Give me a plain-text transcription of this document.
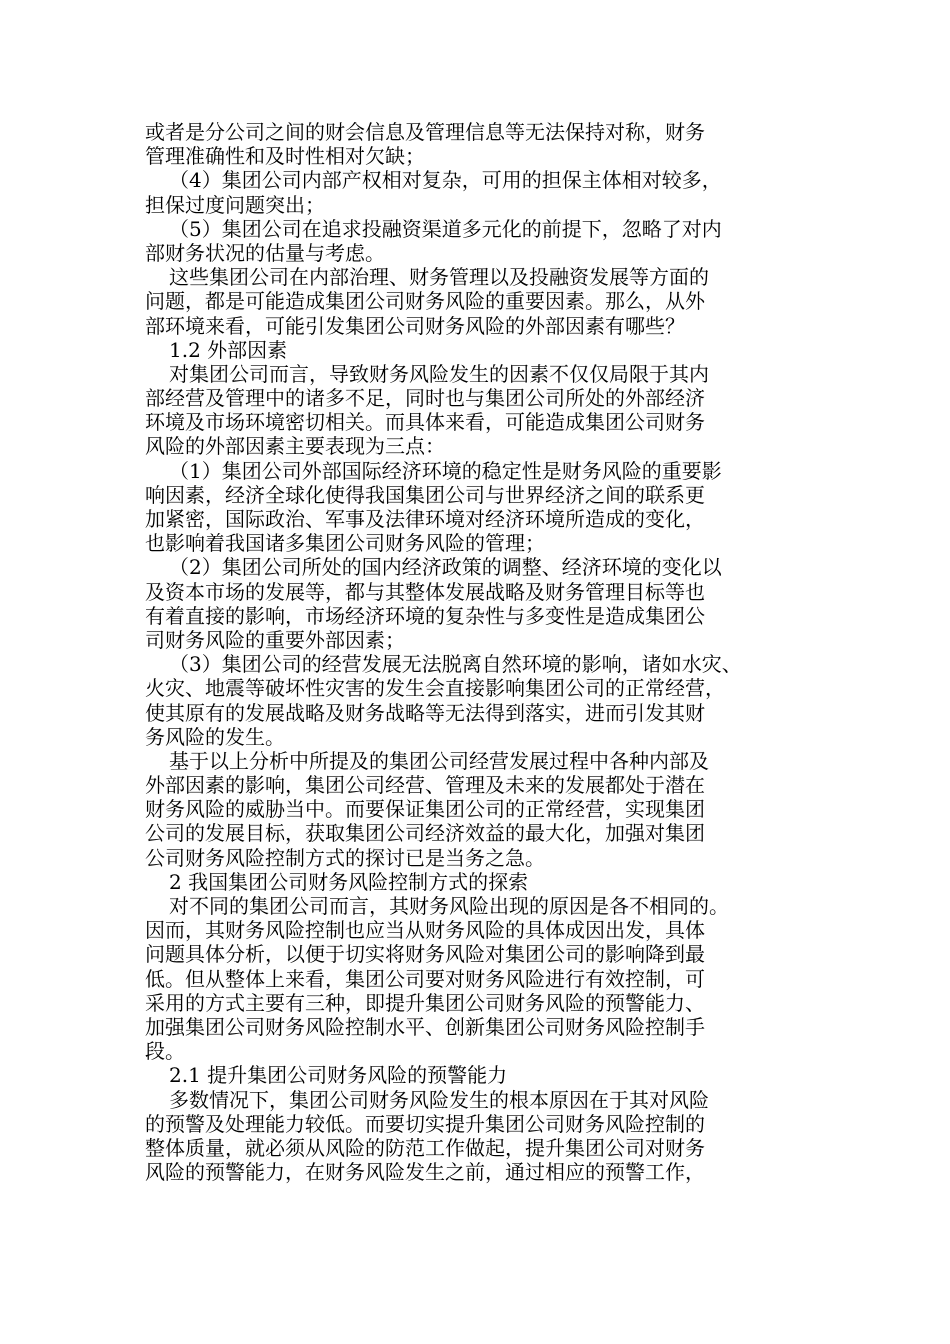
或者是分公司之间的财会信息及管理信息等无法保持对称，财务
管理准确性和及时性相对欠缺；
（4）集团公司内部产权相对复杂，可用的担保主体相对较多，
担保过度问题突出；
（5）集团公司在追求投融资渠道多元化的前提下，忽略了对内
部财务状况的估量与考虑。
这些集团公司在内部治理、财务管理以及投融资发展等方面的
问题，都是可能造成集团公司财务风险的重要因素。那么，从外
部环境来看，可能引发集团公司财务风险的外部因素有哪些？
1.2 外部因素
对集团公司而言，导致财务风险发生的因素不仅仅局限于其内
部经营及管理中的诸多不足，同时也与集团公司所处的外部经济
环境及市场环境密切相关。而具体来看，可能造成集团公司财务
风险的外部因素主要表现为三点：
（1）集团公司外部国际经济环境的稳定性是财务风险的重要影
响因素，经济全球化使得我国集团公司与世界经济之间的联系更
加紧密，国际政治、军事及法律环境对经济环境所造成的变化，
也影响着我国诸多集团公司财务风险的管理；
（2）集团公司所处的国内经济政策的调整、经济环境的变化以
及资本市场的发展等，都与其整体发展战略及财务管理目标等也
有着直接的影响，市场经济环境的复杂性与多变性是造成集团公
司财务风险的重要外部因素；
（3）集团公司的经营发展无法脱离自然环境的影响，诸如水灾、
火灾、地震等破坏性灾害的发生会直接影响集团公司的正常经营，
使其原有的发展战略及财务战略等无法得到落实，进而引发其财
务风险的发生。
基于以上分析中所提及的集团公司经营发展过程中各种内部及
外部因素的影响，集团公司经营、管理及未来的发展都处于潜在
财务风险的威胁当中。而要保证集团公司的正常经营，实现集团
公司的发展目标，获取集团公司经济效益的最大化，加强对集团
公司财务风险控制方式的探讨已是当务之急。
2 我国集团公司财务风险控制方式的探索
对不同的集团公司而言，其财务风险出现的原因是各不相同的。
因而，其财务风险控制也应当从财务风险的具体成因出发，具体
问题具体分析，以便于切实将财务风险对集团公司的影响降到最
低。但从整体上来看，集团公司要对财务风险进行有效控制，可
采用的方式主要有三种，即提升集团公司财务风险的预警能力、
加强集团公司财务风险控制水平、创新集团公司财务风险控制手
段。
2.1 提升集团公司财务风险的预警能力
多数情况下，集团公司财务风险发生的根本原因在于其对风险
的预警及处理能力较低。而要切实提升集团公司财务风险控制的
整体质量，就必须从风险的防范工作做起，提升集团公司对财务
风险的预警能力，在财务风险发生之前，通过相应的预警工作，
